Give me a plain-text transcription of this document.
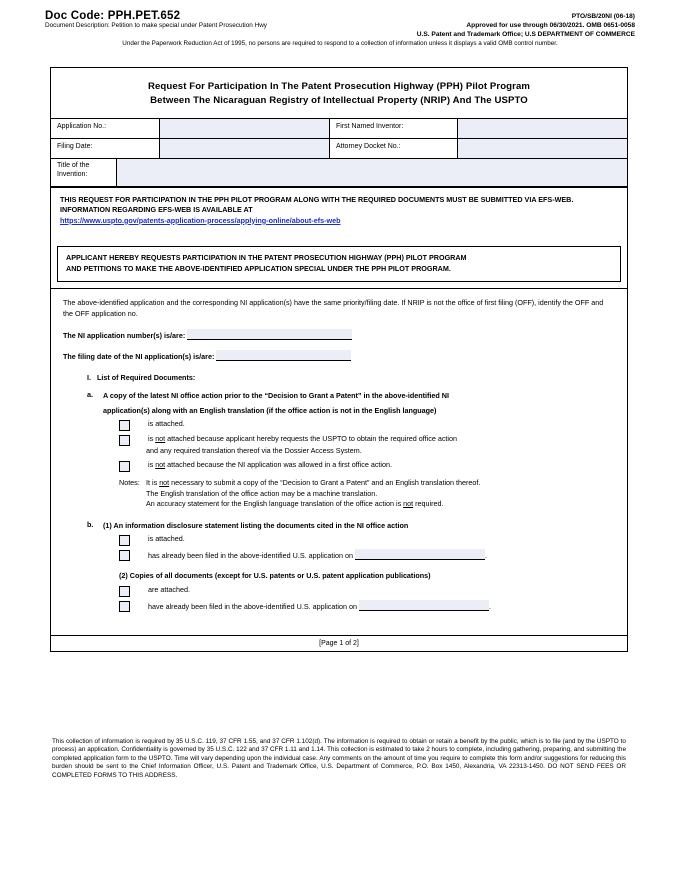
Doc Code: PPH.PET.652	PTO/SB/20NI (06-18)
Document Description: Petition to make special under Patent Prosecution Hwy	Approved for use through 06/30/2021. OMB 0651-0058
U.S. Patent and Trademark Office; U.S DEPARTMENT OF COMMERCE
Under the Paperwork Reduction Act of 1995, no persons are required to respond to a collection of information unless it displays a valid OMB control number.
Request For Participation In The Patent Prosecution Highway (PPH) Pilot Program
Between The Nicaraguan Registry of Intellectual Property (NRIP) And The USPTO
Application No.:	First Named Inventor:
Filing Date:	Attorney Docket No.:
Title of the Invention:
THIS REQUEST FOR PARTICIPATION IN THE PPH PILOT PROGRAM ALONG WITH THE REQUIRED DOCUMENTS MUST BE SUBMITTED VIA EFS-WEB. INFORMATION REGARDING EFS-WEB IS AVAILABLE AT
https://www.uspto.gov/patents-application-process/applying-online/about-efs-web
APPLICANT HEREBY REQUESTS PARTICIPATION IN THE PATENT PROSECUTION HIGHWAY (PPH) PILOT PROGRAM
AND PETITIONS TO MAKE THE ABOVE-IDENTIFIED APPLICATION SPECIAL UNDER THE PPH PILOT PROGRAM.
The above-identified application and the corresponding NI application(s) have the same priority/filing date. If NRIP is not the office of first filing (OFF), identify the OFF and the OFF application no.
The NI application number(s) is/are:
The filing date of the NI application(s) is/are:
I. List of Required Documents:
a. A copy of the latest NI office action prior to the “Decision to Grant a Patent” in the above-identified NI
application(s) along with an English translation (if the office action is not in the English language)
is attached.
is not attached because applicant hereby requests the USPTO to obtain the required office action
and any required translation thereof via the Dossier Access System.
is not attached because the NI application was allowed in a first office action.
Notes: It is not necessary to submit a copy of the “Decision to Grant a Patent” and an English translation thereof.

The English translation of the office action may be a machine translation.

An accuracy statement for the English language translation of the office action is not required.

b. (1) An information disclosure statement listing the documents cited in the NI office action
is attached.
has already been filed in the above-identified U.S. application on	.
(2) Copies of all documents (except for U.S. patents or U.S. patent application publications)
are attached.
have already been filed in the above-identified U.S. application on	.
[Page 1 of 2]
This collection of information is required by 35 U.S.C. 119, 37 CFR 1.55, and 37 CFR 1.102(d). The information is required to obtain or retain a benefit by the public, which is to file (and by the USPTO to process) an application. Confidentiality is governed by 35 U.S.C. 122 and 37 CFR 1.11 and 1.14. This collection is estimated to take 2 hours to complete, including gathering, preparing, and submitting the completed application form to the USPTO. Time will vary depending upon the individual case. Any comments on the amount of time you require to complete this form and/or suggestions for reducing this burden should be sent to the Chief Information Officer, U.S. Patent and Trademark Office, U.S. Department of Commerce, P.O. Box 1450, Alexandria, VA 22313-1450. DO NOT SEND FEES OR COMPLETED FORMS TO THIS ADDRESS.
